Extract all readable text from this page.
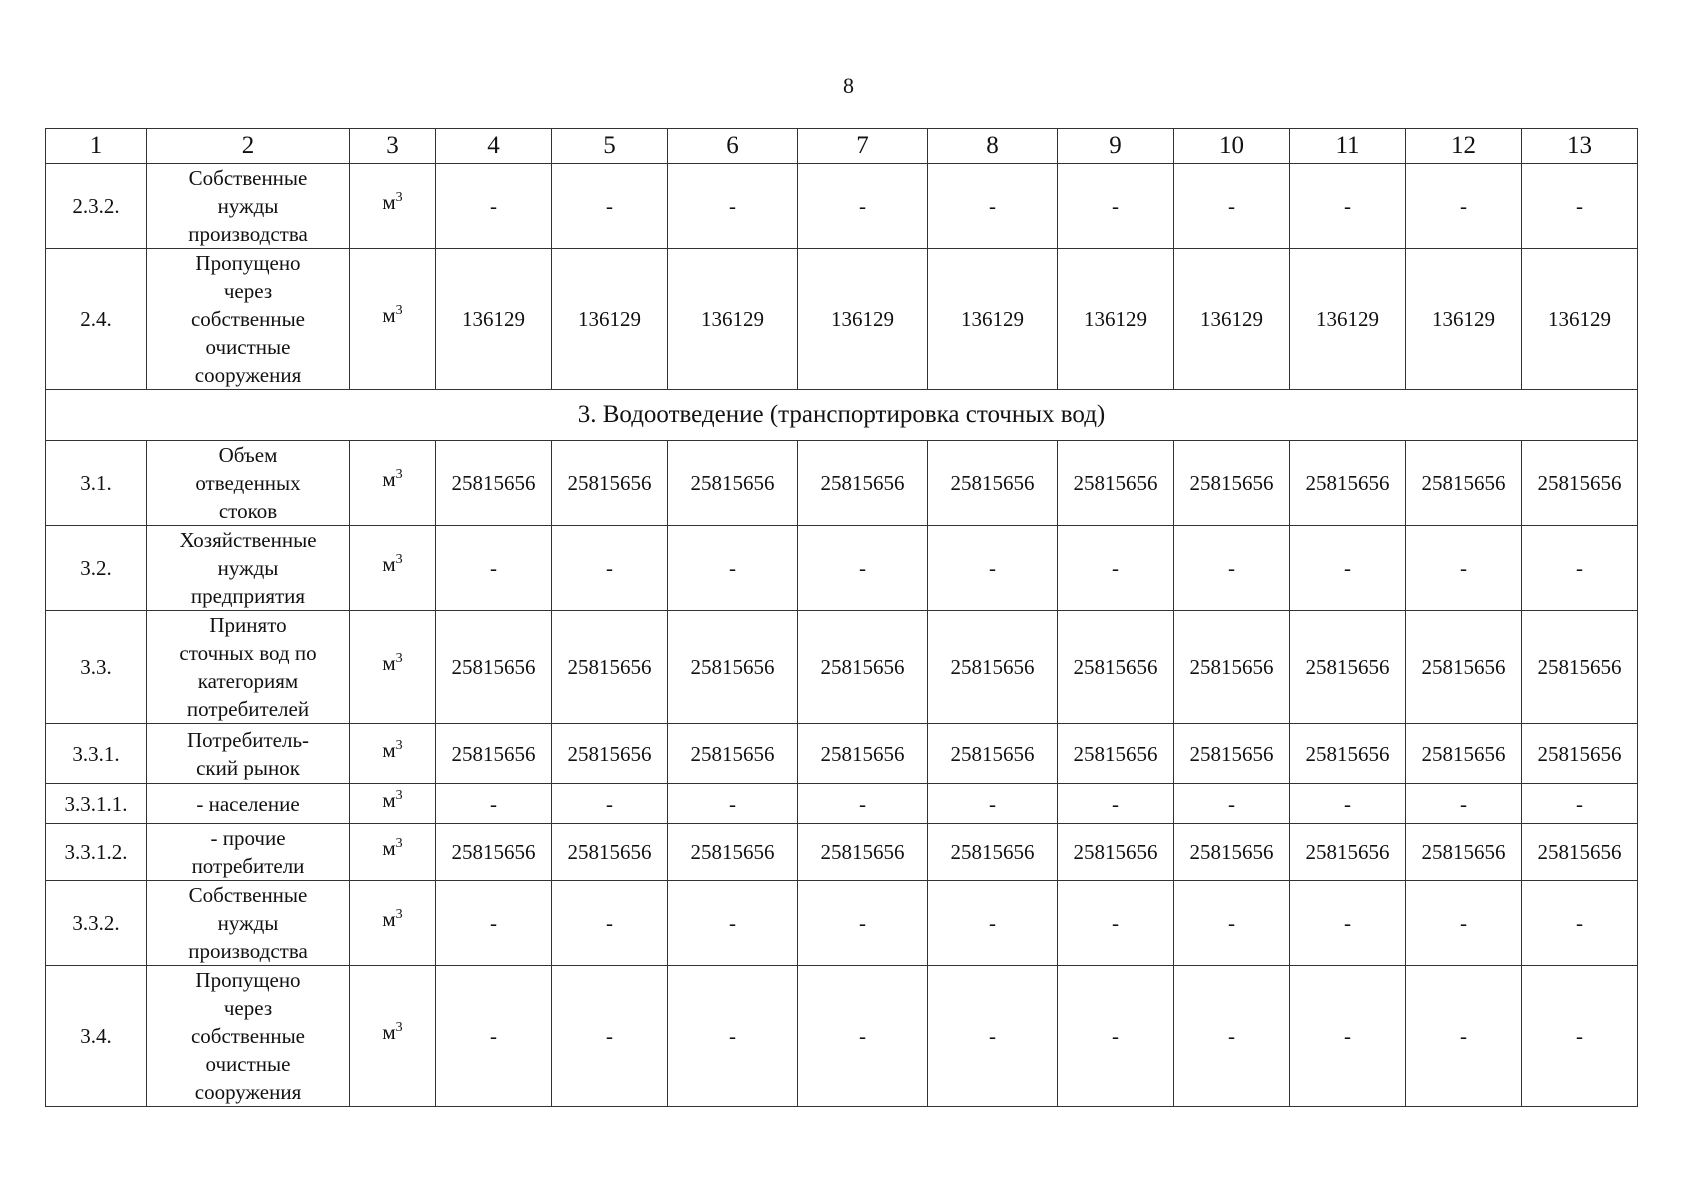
8
1	2	3	4	5	6	7	8	9	10	11	12	13
2.3.2.	Собственные
нужды
производства	$м^3$	-	-	-	-	-	-	-	-	-	-
2.4.	Пропущено
через
собственные
очистные
сооружения	$м^3$	136129	136129	136129	136129	136129	136129	136129	136129	136129	136129
3. Водоотведение (транспортировка сточных вод)												
3.1.	Объем
отведенных
стоков	$м^3$	25815656	25815656	25815656	25815656	25815656	25815656	25815656	25815656	25815656	25815656
3.2.	Хозяйственные
нужды
предприятия	$м^3$	-	-	-	-	-	-	-	-	-	-
3.3.	Принято
сточных вод по
категориям
потребителей	$м^3$	25815656	25815656	25815656	25815656	25815656	25815656	25815656	25815656	25815656	25815656
3.3.1.	Потребитель-
ский рынок	$м^3$	25815656	25815656	25815656	25815656	25815656	25815656	25815656	25815656	25815656	25815656
3.3.1.1.	- население	$м^3$	-	-	-	-	-	-	-	-	-	-
3.3.1.2.	- прочие
потребители	$м^3$	25815656	25815656	25815656	25815656	25815656	25815656	25815656	25815656	25815656	25815656
3.3.2.	Собственные
нужды
производства	$м^3$	-	-	-	-	-	-	-	-	-	-
3.4.	Пропущено
через
собственные
очистные
сооружения	$м^3$	-	-	-	-	-	-	-	-	-	-
